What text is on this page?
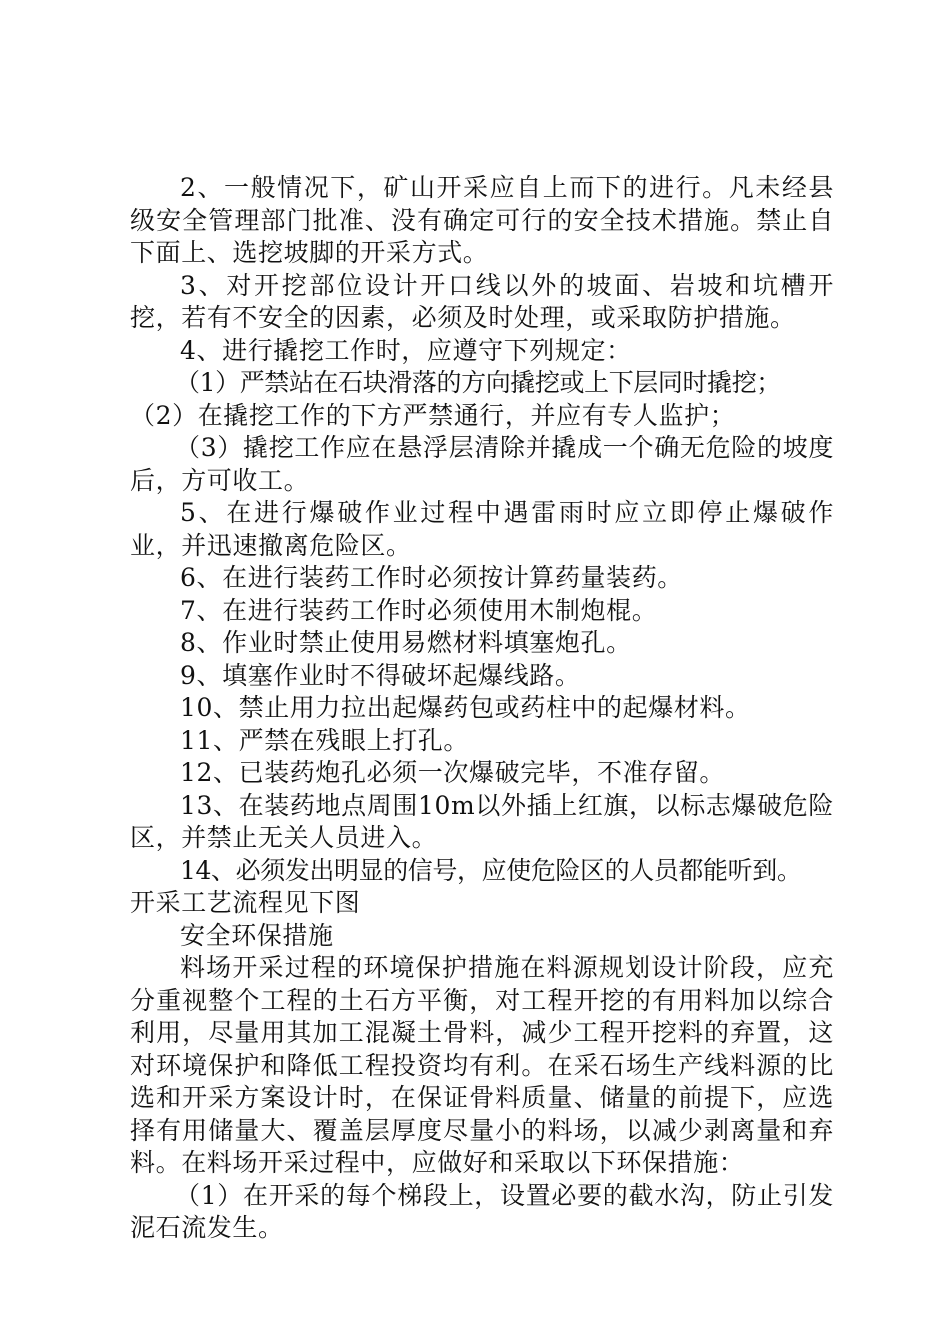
2、一般情况下，矿山开采应自上而下的进行。凡未经县级安全管理部门批准、没有确定可行的安全技术措施。禁止自下面上、选挖坡脚的开采方式。

3、对开挖部位设计开口线以外的坡面、岩坡和坑槽开挖，若有不安全的因素，必须及时处理，或采取防护措施。

4、进行撬挖工作时，应遵守下列规定：

（1）严禁站在石块滑落的方向撬挖或上下层同时撬挖；

（2）在撬挖工作的下方严禁通行，并应有专人监护；

（3）撬挖工作应在悬浮层清除并撬成一个确无危险的坡度后，方可收工。

5、在进行爆破作业过程中遇雷雨时应立即停止爆破作业，并迅速撤离危险区。

6、在进行装药工作时必须按计算药量装药。

7、在进行装药工作时必须使用木制炮棍。

8、作业时禁止使用易燃材料填塞炮孔。

9、填塞作业时不得破坏起爆线路。

10、禁止用力拉出起爆药包或药柱中的起爆材料。

11、严禁在残眼上打孔。

12、已装药炮孔必须一次爆破完毕，不准存留。

13、在装药地点周围10m以外插上红旗，以标志爆破危险区，并禁止无关人员进入。

14、必须发出明显的信号，应使危险区的人员都能听到。

开采工艺流程见下图

安全环保措施

料场开采过程的环境保护措施在料源规划设计阶段，应充分重视整个工程的土石方平衡，对工程开挖的有用料加以综合利用，尽量用其加工混凝土骨料，减少工程开挖料的弃置，这对环境保护和降低工程投资均有利。在采石场生产线料源的比选和开采方案设计时，在保证骨料质量、储量的前提下，应选择有用储量大、覆盖层厚度尽量小的料场，以减少剥离量和弃料。在料场开采过程中，应做好和采取以下环保措施：

（1）在开采的每个梯段上，设置必要的截水沟，防止引发泥石流发生。
